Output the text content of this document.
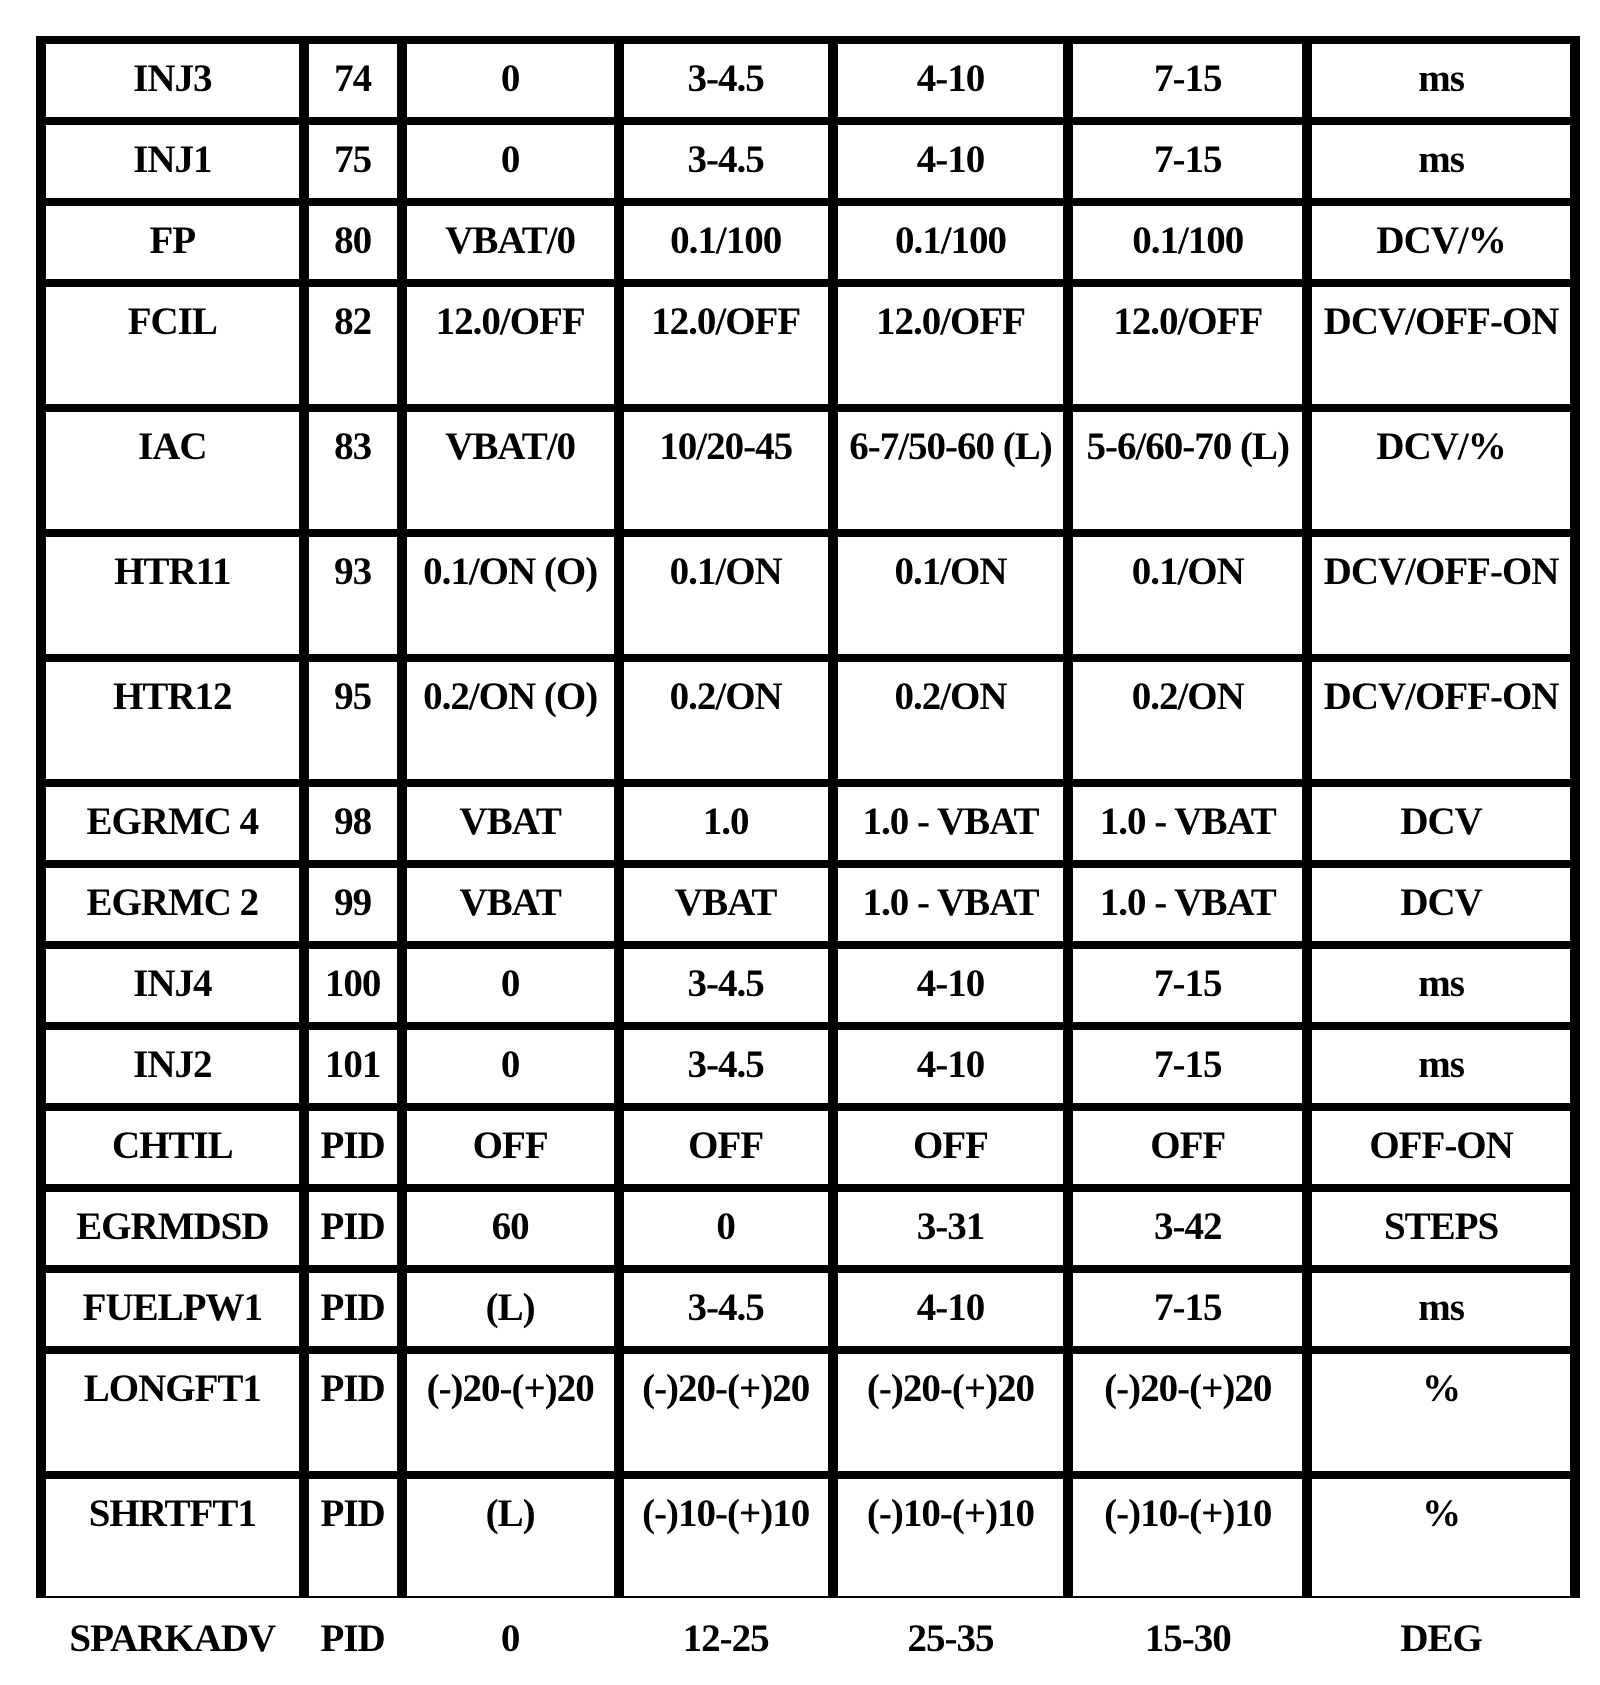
INJ3	74	0	3-4.5	4-10	7-15	ms
INJ1	75	0	3-4.5	4-10	7-15	ms
FP	80	VBAT/0	0.1/100	0.1/100	0.1/100	DCV/%
FCIL	82	12.0/OFF	12.0/OFF	12.0/OFF	12.0/OFF	DCV/OFF-ON
IAC	83	VBAT/0	10/20-45	6-7/50-60 (L)	5-6/60-70 (L)	DCV/%
HTR11	93	0.1/ON (O)	0.1/ON	0.1/ON	0.1/ON	DCV/OFF-ON
HTR12	95	0.2/ON (O)	0.2/ON	0.2/ON	0.2/ON	DCV/OFF-ON
EGRMC 4	98	VBAT	1.0	1.0 - VBAT	1.0 - VBAT	DCV
EGRMC 2	99	VBAT	VBAT	1.0 - VBAT	1.0 - VBAT	DCV
INJ4	100	0	3-4.5	4-10	7-15	ms
INJ2	101	0	3-4.5	4-10	7-15	ms
CHTIL	PID	OFF	OFF	OFF	OFF	OFF-ON
EGRMDSD	PID	60	0	3-31	3-42	STEPS
FUELPW1	PID	(L)	3-4.5	4-10	7-15	ms
LONGFT1	PID	(-)20-(+)20	(-)20-(+)20	(-)20-(+)20	(-)20-(+)20	%
SHRTFT1	PID	(L)	(-)10-(+)10	(-)10-(+)10	(-)10-(+)10	%
SPARKADV	PID	0	12-25	25-35	15-30	DEG
